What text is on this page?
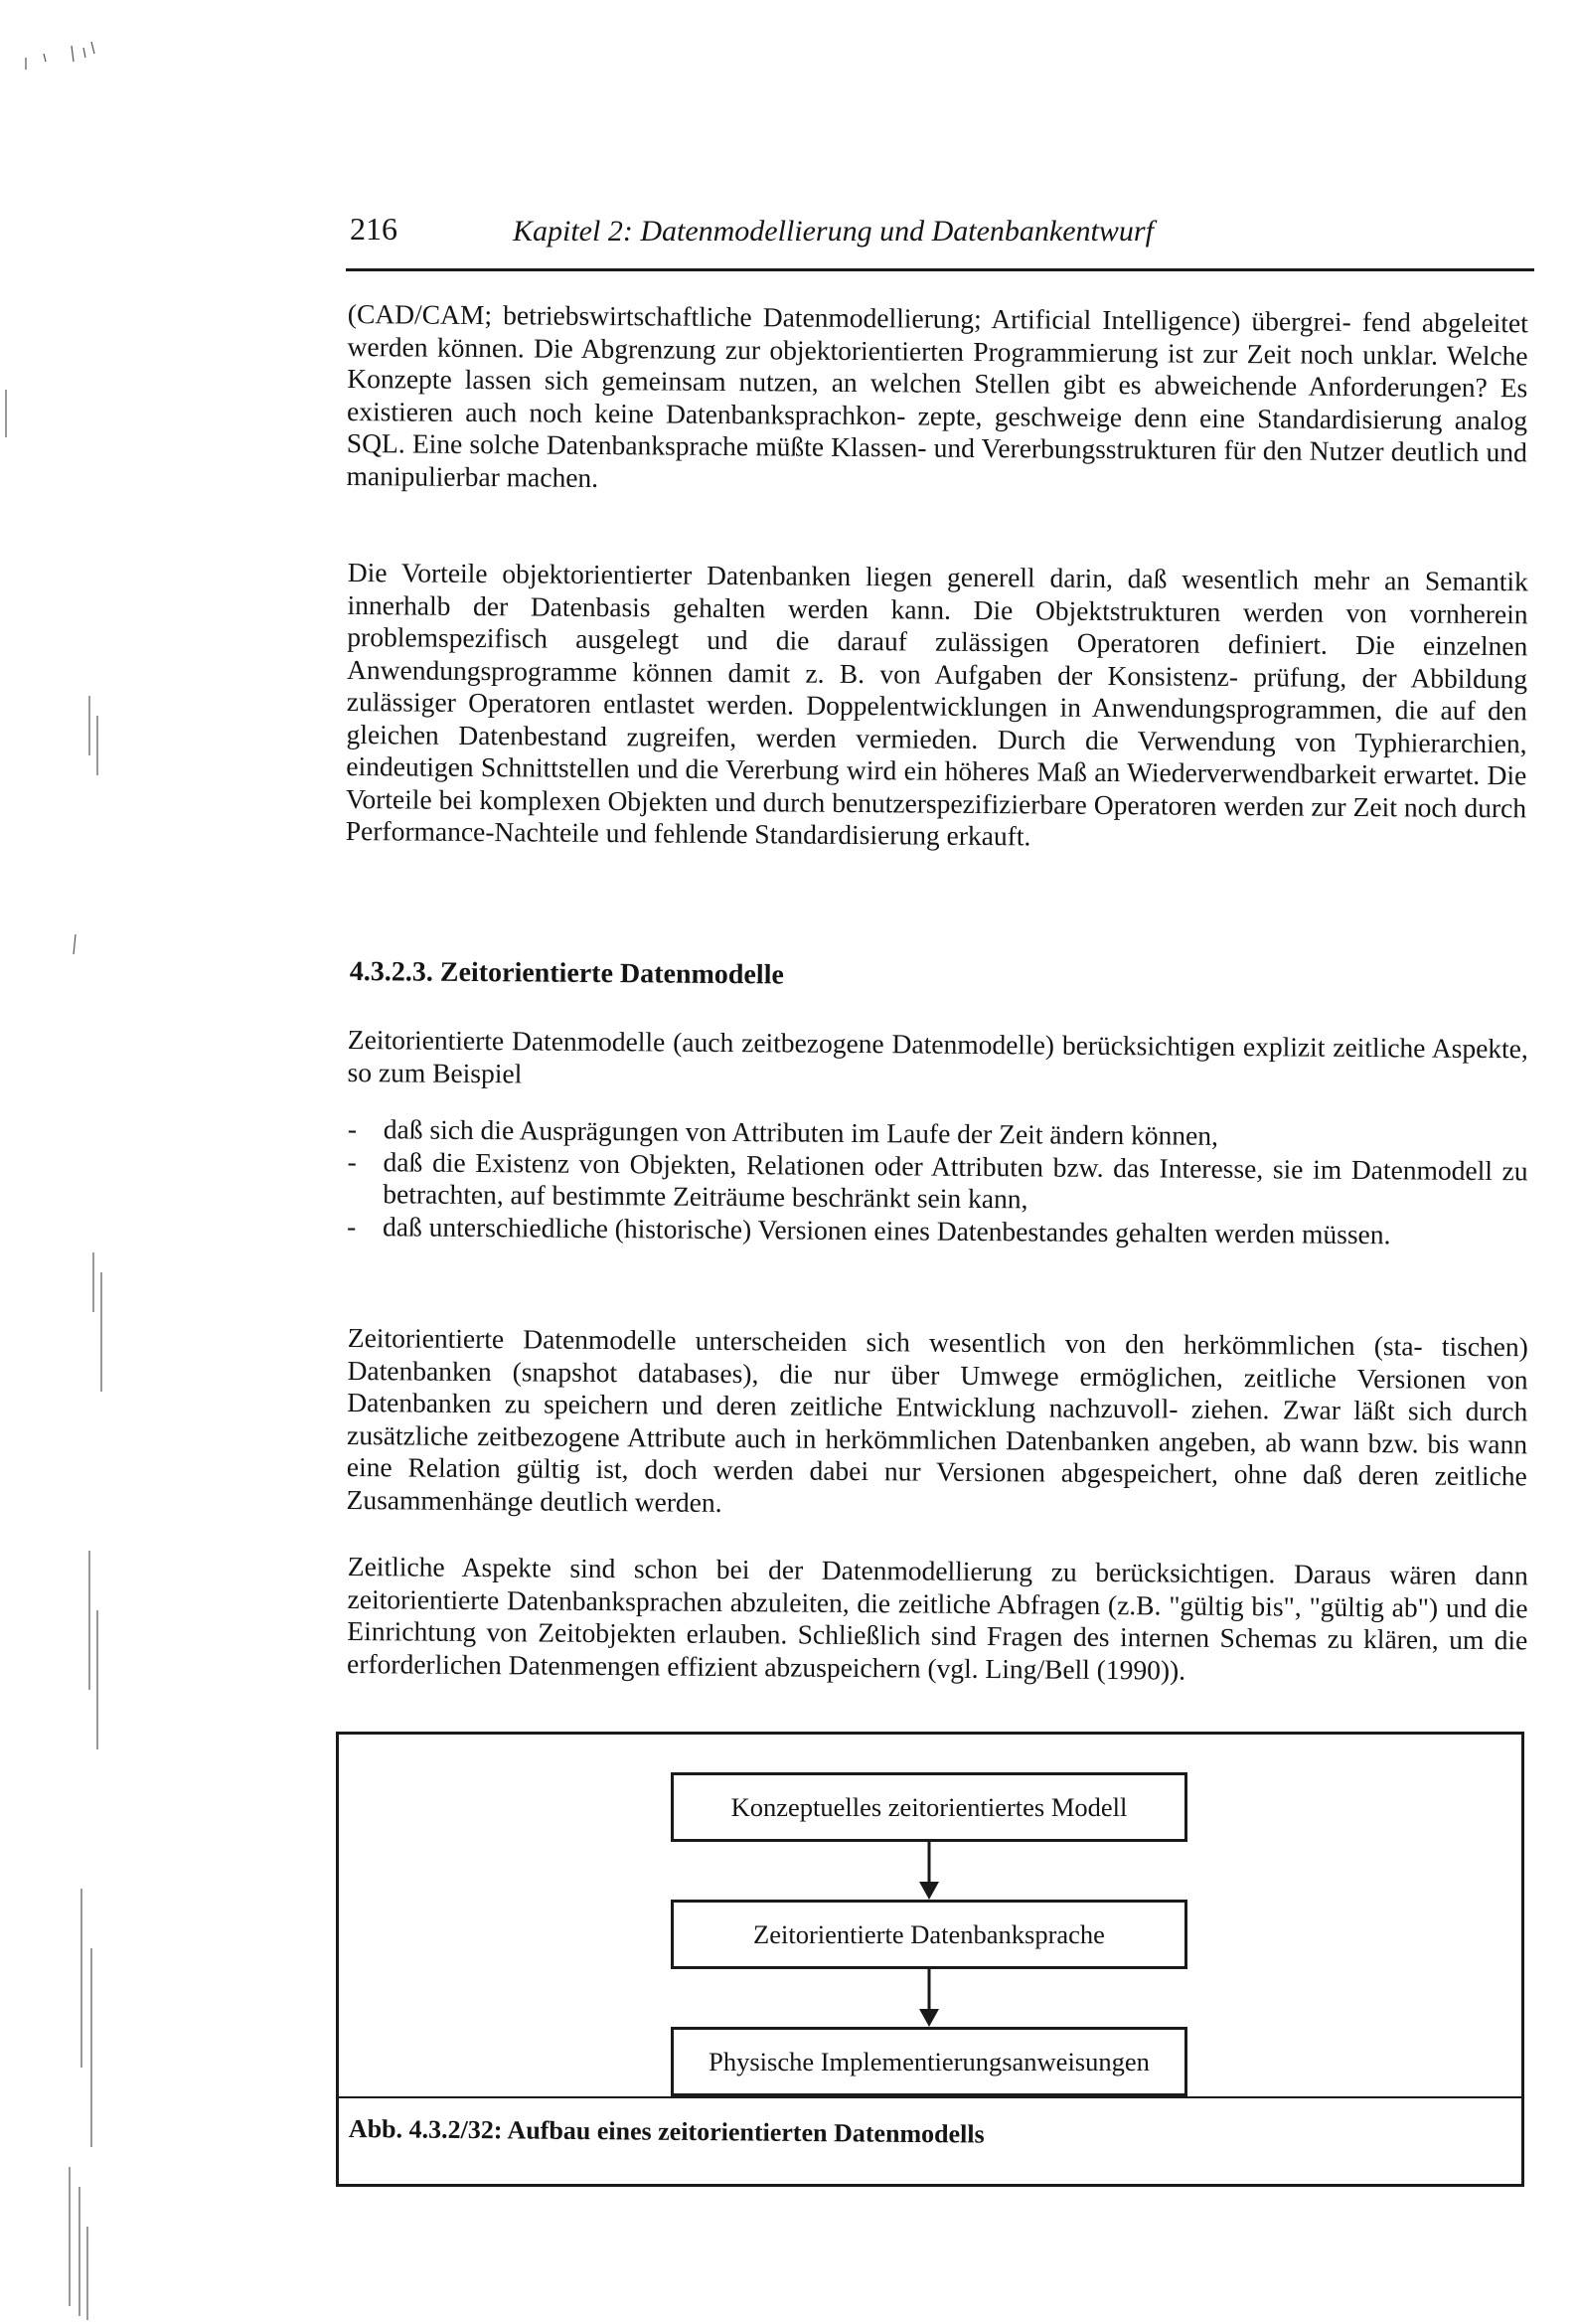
216	Kapitel 2: Datenmodellierung und Datenbankentwurf

(CAD/CAM; betriebswirtschaftliche Datenmodellierung; Artificial Intelligence) übergrei- fend abgeleitet werden können. Die Abgrenzung zur objektorientierten Programmierung ist zur Zeit noch unklar. Welche Konzepte lassen sich gemeinsam nutzen, an welchen Stellen gibt es abweichende Anforderungen? Es existieren auch noch keine Datenbanksprachkon- zepte, geschweige denn eine Standardisierung analog SQL. Eine solche Datenbanksprache müßte Klassen- und Vererbungsstrukturen für den Nutzer deutlich und manipulierbar machen.

Die Vorteile objektorientierter Datenbanken liegen generell darin, daß wesentlich mehr an Semantik innerhalb der Datenbasis gehalten werden kann. Die Objektstrukturen werden von vornherein problemspezifisch ausgelegt und die darauf zulässigen Operatoren definiert. Die einzelnen Anwendungsprogramme können damit z. B. von Aufgaben der Konsistenz- prüfung, der Abbildung zulässiger Operatoren entlastet werden. Doppelentwicklungen in Anwendungsprogrammen, die auf den gleichen Datenbestand zugreifen, werden vermieden. Durch die Verwendung von Typhierarchien, eindeutigen Schnittstellen und die Vererbung wird ein höheres Maß an Wiederverwendbarkeit erwartet. Die Vorteile bei komplexen Objekten und durch benutzerspezifizierbare Operatoren werden zur Zeit noch durch Performance-Nachteile und fehlende Standardisierung erkauft.

4.3.2.3. Zeitorientierte Datenmodelle

Zeitorientierte Datenmodelle (auch zeitbezogene Datenmodelle) berücksichtigen explizit zeitliche Aspekte, so zum Beispiel

- daß sich die Ausprägungen von Attributen im Laufe der Zeit ändern können,
- daß die Existenz von Objekten, Relationen oder Attributen bzw. das Interesse, sie im Datenmodell zu betrachten, auf bestimmte Zeiträume beschränkt sein kann,
- daß unterschiedliche (historische) Versionen eines Datenbestandes gehalten werden müssen.

Zeitorientierte Datenmodelle unterscheiden sich wesentlich von den herkömmlichen (sta- tischen) Datenbanken (snapshot databases), die nur über Umwege ermöglichen, zeitliche Versionen von Datenbanken zu speichern und deren zeitliche Entwicklung nachzuvoll- ziehen. Zwar läßt sich durch zusätzliche zeitbezogene Attribute auch in herkömmlichen Datenbanken angeben, ab wann bzw. bis wann eine Relation gültig ist, doch werden dabei nur Versionen abgespeichert, ohne daß deren zeitliche Zusammenhänge deutlich werden.

Zeitliche Aspekte sind schon bei der Datenmodellierung zu berücksichtigen. Daraus wären dann zeitorientierte Datenbanksprachen abzuleiten, die zeitliche Abfragen (z.B. "gültig bis", "gültig ab") und die Einrichtung von Zeitobjekten erlauben. Schließlich sind Fragen des internen Schemas zu klären, um die erforderlichen Datenmengen effizient abzuspeichern (vgl. Ling/Bell (1990)).

Konzeptuelles zeitorientiertes Modell
Zeitorientierte Datenbanksprache
Physische Implementierungsanweisungen

Abb. 4.3.2/32: Aufbau eines zeitorientierten Datenmodells
